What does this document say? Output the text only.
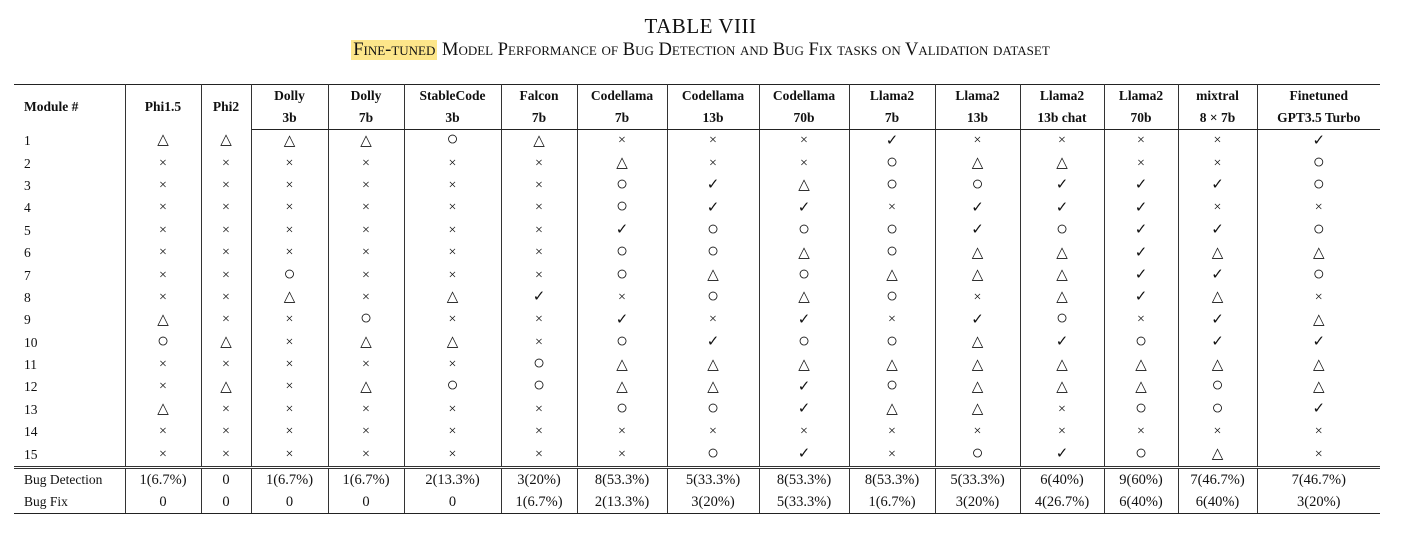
TABLE VIII
Fine-tuned Model Performance of Bug Detection and Bug Fix tasks on Validation dataset
Module #	Phi1.5	Phi2	Dolly	Dolly	StableCode	Falcon	Codellama	Codellama	Codellama	Llama2	Llama2	Llama2	Llama2	mixtral	Finetuned
			3b	7b	3b	7b	7b	13b	70b	7b	13b	13b chat	70b	8 × 7b	GPT3.5 Turbo
1	△	△	△	△	○	△	×	×	×	✓	×	×	×	×	✓
2	×	×	×	×	×	×	△	×	×	○	△	△	×	×	○
3	×	×	×	×	×	×	○	✓	△	○	○	✓	✓	✓	○
4	×	×	×	×	×	×	○	✓	✓	×	✓	✓	✓	×	×
5	×	×	×	×	×	×	✓	○	○	○	✓	○	✓	✓	○
6	×	×	×	×	×	×	○	○	△	○	△	△	✓	△	△
7	×	×	○	×	×	×	○	△	○	△	△	△	✓	✓	○
8	×	×	△	×	△	✓	×	○	△	○	×	△	✓	△	×
9	△	×	×	○	×	×	✓	×	✓	×	✓	○	×	✓	△
10	○	△	×	△	△	×	○	✓	○	○	△	✓	○	✓	✓
11	×	×	×	×	×	○	△	△	△	△	△	△	△	△	△
12	×	△	×	△	○	○	△	△	✓	○	△	△	△	○	△
13	△	×	×	×	×	×	○	○	✓	△	△	×	○	○	✓
14	×	×	×	×	×	×	×	×	×	×	×	×	×	×	×
15	×	×	×	×	×	×	×	○	✓	×	○	✓	○	△	×
Bug Detection	1(6.7%)	0	1(6.7%)	1(6.7%)	2(13.3%)	3(20%)	8(53.3%)	5(33.3%)	8(53.3%)	8(53.3%)	5(33.3%)	6(40%)	9(60%)	7(46.7%)	7(46.7%)
Bug Fix	0	0	0	0	0	1(6.7%)	2(13.3%)	3(20%)	5(33.3%)	1(6.7%)	3(20%)	4(26.7%)	6(40%)	6(40%)	3(20%)
